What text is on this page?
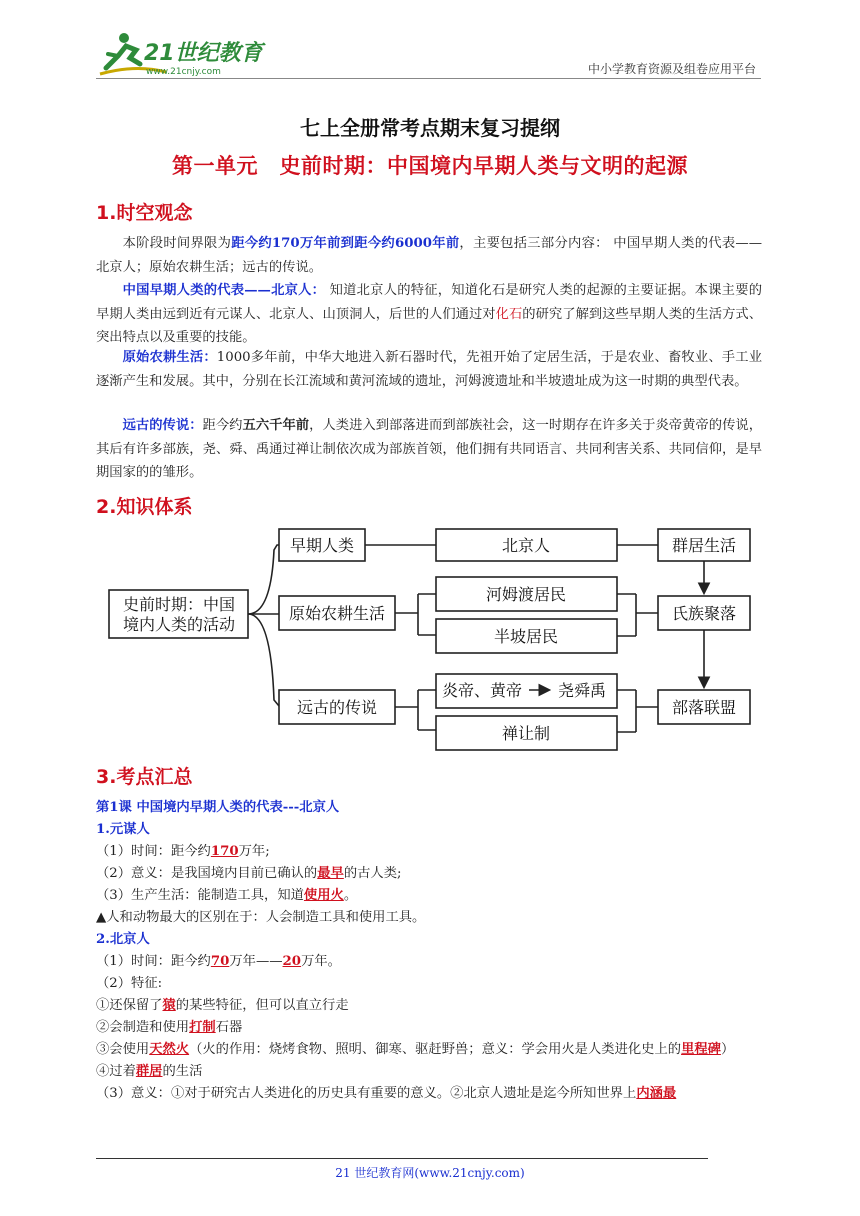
21世纪教育
www.21cnjy.com	中小学教育资源及组卷应用平台
七上全册常考点期末复习提纲
第一单元　史前时期：中国境内早期人类与文明的起源
1.时空观念
本阶段时间界限为距今约170万年前到距今约6000年前，主要包括三部分内容： 中国早期人类的代表——北京人；原始农耕生活；远古的传说。
中国早期人类的代表——北京人： 知道北京人的特征，知道化石是研究人类的起源的主要证据。本课主要的早期人类由远到近有元谋人、北京人、山顶洞人，后世的人们通过对化石的研究了解到这些早期人类的生活方式、突出特点以及重要的技能。
原始农耕生活：1000多年前，中华大地进入新石器时代，先祖开始了定居生活，于是农业、畜牧业、手工业逐渐产生和发展。其中，分别在长江流域和黄河流域的遗址，河姆渡遗址和半坡遗址成为这一时期的典型代表。
远古的传说：距今约五六千年前，人类进入到部落进而到部族社会，这一时期存在许多关于炎帝黄帝的传说，其后有许多部族，尧、舜、禹通过禅让制依次成为部族首领，他们拥有共同语言、共同利害关系、共同信仰，是早期国家的的雏形。
2.知识体系
史前时期：中国
境内人类的活动
早期人类
原始农耕生活
远古的传说
北京人
河姆渡居民
半坡居民
炎帝、黄帝 尧舜禹
禅让制
群居生活
氏族聚落
部落联盟
3.考点汇总
第1课 中国境内早期人类的代表---北京人
1.元谋人
（1）时间：距今约170万年;
（2）意义：是我国境内目前已确认的最早的古人类;
（3）生产生活：能制造工具，知道使用火。
▲人和动物最大的区别在于：人会制造工具和使用工具。
2.北京人
（1）时间：距今约70万年——20万年。
（2）特征:
①还保留了猿的某些特征，但可以直立行走
②会制造和使用打制石器
③会使用天然火（火的作用：烧烤食物、照明、御寒、驱赶野兽；意义：学会用火是人类进化史上的里程碑）
④过着群居的生活
（3）意义：①对于研究古人类进化的历史具有重要的意义。②北京人遗址是迄今所知世界上内涵最
21 世纪教育网(www.21cnjy.com)
